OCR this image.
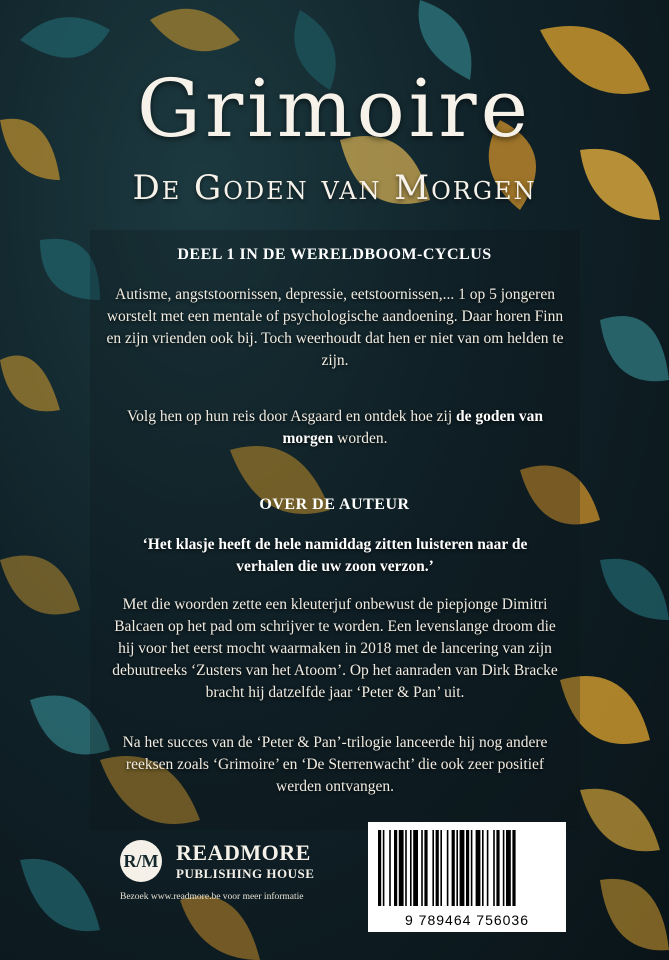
Grimoire
De Goden van Morgen
DEEL 1 IN DE WERELDBOOM-CYCLUS
Autisme, angststoornissen, depressie, eetstoornissen,... 1 op 5 jongeren worstelt met een mentale of psychologische aandoening. Daar horen Finn en zijn vrienden ook bij. Toch weerhoudt dat hen er niet van om helden te zijn.
Volg hen op hun reis door Asgaard en ontdek hoe zij de goden van morgen worden.
OVER DE AUTEUR
‘Het klasje heeft de hele namiddag zitten luisteren naar de verhalen die uw zoon verzon.’
Met die woorden zette een kleuterjuf onbewust de piepjonge Dimitri Balcaen op het pad om schrijver te worden. Een levenslange droom die hij voor het eerst mocht waarmaken in 2018 met de lancering van zijn debuutreeks ‘Zusters van het Atoom’. Op het aanraden van Dirk Bracke bracht hij datzelfde jaar ‘Peter & Pan’ uit.
Na het succes van de ‘Peter & Pan’-trilogie lanceerde hij nog andere reeksen zoals ‘Grimoire’ en ‘De Sterrenwacht’ die ook zeer positief werden ontvangen.
R/M READMORE
PUBLISHING HOUSE
Bezoek www.readmore.be voor meer informatie
9 789464 756036
